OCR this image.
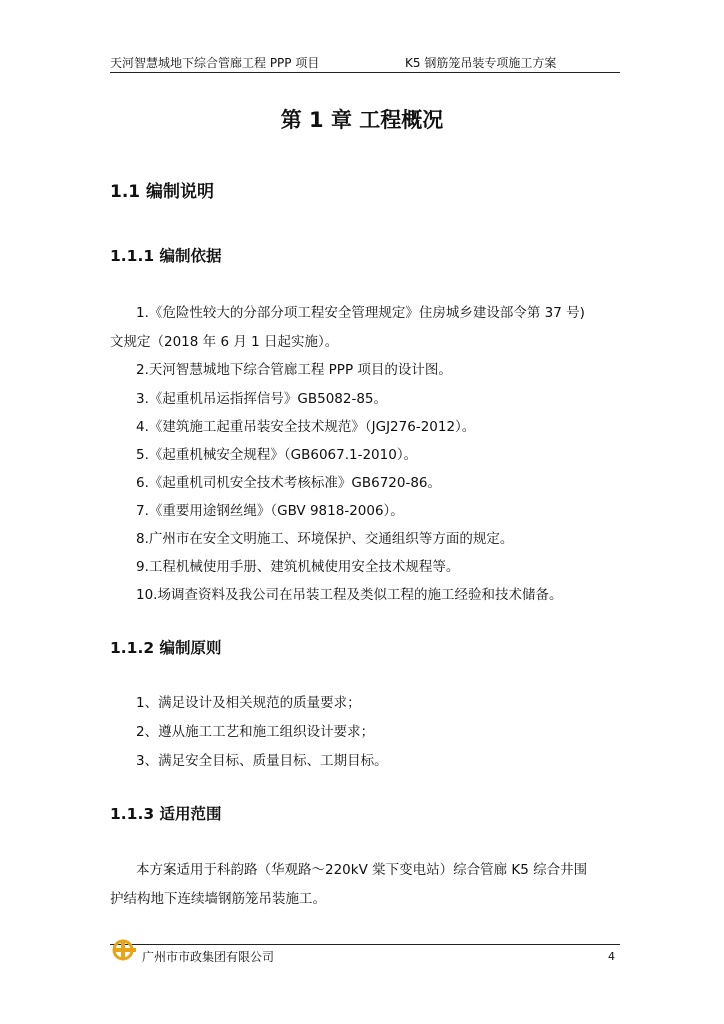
天河智慧城地下综合管廊工程 PPP 项目	K5 钢筋笼吊装专项施工方案
第 1 章 工程概况
1.1 编制说明
1.1.1 编制依据
1.《危险性较大的分部分项工程安全管理规定》住房城乡建设部令第 37 号)
文规定（2018 年 6 月 1 日起实施）。
2.天河智慧城地下综合管廊工程 PPP 项目的设计图。
3.《起重机吊运指挥信号》GB5082-85。
4.《建筑施工起重吊装安全技术规范》（JGJ276-2012）。
5.《起重机械安全规程》（GB6067.1-2010）。
6.《起重机司机安全技术考核标准》GB6720-86。
7.《重要用途钢丝绳》（GBV 9818-2006）。
8.广州市在安全文明施工、环境保护、交通组织等方面的规定。
9.工程机械使用手册、建筑机械使用安全技术规程等。
10.场调查资料及我公司在吊装工程及类似工程的施工经验和技术储备。
1.1.2 编制原则
1、满足设计及相关规范的质量要求；
2、遵从施工工艺和施工组织设计要求；
3、满足安全目标、质量目标、工期目标。
1.1.3 适用范围
本方案适用于科韵路（华观路～220kV 棠下变电站）综合管廊 K5 综合井围
护结构地下连续墙钢筋笼吊装施工。
广州市市政集团有限公司	4
